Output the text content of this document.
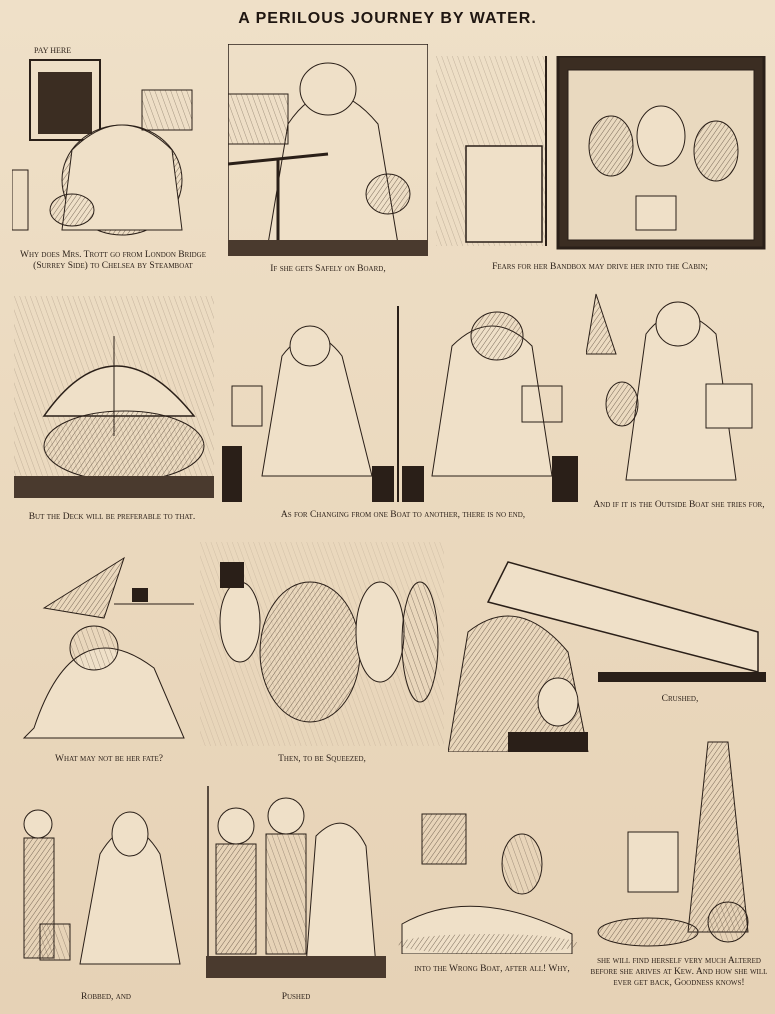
A PERILOUS JOURNEY BY WATER.
PAY HERE
Why does Mrs. Trott go from London Bridge (Surrey Side) to Chelsea by Steamboat	If she gets Safely on Board,	Fears for her Bandbox may drive her into the Cabin;
But the Deck will be preferable to that.	As for Changing from one Boat to another, there is no end,
And if it is the Outside Boat she tries for,
What may not be her fate?	Then, to be Squeezed,
Crushed,
Robbed, and	Pushed
into the Wrong Boat, after all! Why,
she will find herself very much Altered before she arives at Kew. And how she will ever get back, Goodness knows!
